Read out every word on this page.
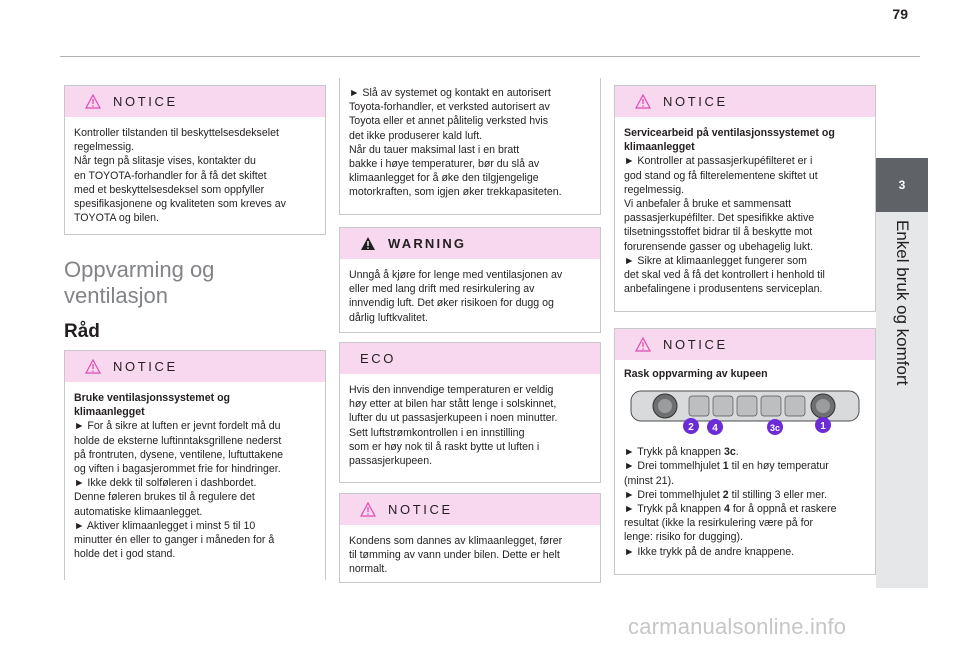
79
3
Enkel bruk og komfort
NOTICE

Kontroller tilstanden til beskyttelsesdekselet
regelmessig.
Når tegn på slitasje vises, kontakter du
en TOYOTA-forhandler for å få det skiftet
med et beskyttelsesdeksel som oppfyller
spesifikasjonene og kvaliteten som kreves av
TOYOTA og bilen.

Oppvarming og ventilasjon
Råd
NOTICE

Bruke ventilasjonssystemet og
klimaanlegget

► For å sikre at luften er jevnt fordelt må du
holde de eksterne luftinntaksgrillene nederst
på frontruten, dysene, ventilene, luftuttakene
og viften i bagasjerommet frie for hindringer.
► Ikke dekk til solføleren i dashbordet.
Denne føleren brukes til å regulere det
automatiske klimaanlegget.
► Aktiver klimaanlegget i minst 5 til 10
minutter én eller to ganger i måneden for å
holde det i god stand.

► Slå av systemet og kontakt en autorisert
Toyota-forhandler, et verksted autorisert av
Toyota eller et annet pålitelig verksted hvis
det ikke produserer kald luft.
Når du tauer maksimal last i en bratt
bakke i høye temperaturer, bør du slå av
klimaanlegget for å øke den tilgjengelige
motorkraften, som igjen øker trekkapasiteten.

WARNING

Unngå å kjøre for lenge med ventilasjonen av
eller med lang drift med resirkulering av
innvendig luft. Det øker risikoen for dugg og
dårlig luftkvalitet.

ECO

Hvis den innvendige temperaturen er veldig
høy etter at bilen har stått lenge i solskinnet,
lufter du ut passasjerkupeen i noen minutter.
Sett luftstrømkontrollen i en innstilling
som er høy nok til å raskt bytte ut luften i
passasjerkupeen.

NOTICE

Kondens som dannes av klimaanlegget, fører
til tømming av vann under bilen. Dette er helt
normalt.

NOTICE

Servicearbeid på ventilasjonssystemet og
klimaanlegget

► Kontroller at passasjerkupéfilteret er i
god stand og få filterelementene skiftet ut
regelmessig.
Vi anbefaler å bruke et sammensatt
passasjerkupéfilter. Det spesifikke aktive
tilsetningsstoffet bidrar til å beskytte mot
forurensende gasser og ubehagelig lukt.
► Sikre at klimaanlegget fungerer som
det skal ved å få det kontrollert i henhold til
anbefalingene i produsentens serviceplan.

NOTICE

Rask oppvarming av kupeen

2 4	3c	1

► Trykk på knappen 3c.

► Drei tommelhjulet 1 til en høy temperatur
(minst 21).

► Drei tommelhjulet 2 til stilling 3 eller mer.

► Trykk på knappen 4 for å oppnå et raskere
resultat (ikke la resirkulering være på for
lenge: risiko for dugging).

► Ikke trykk på de andre knappene.

carmanualsonline.info
